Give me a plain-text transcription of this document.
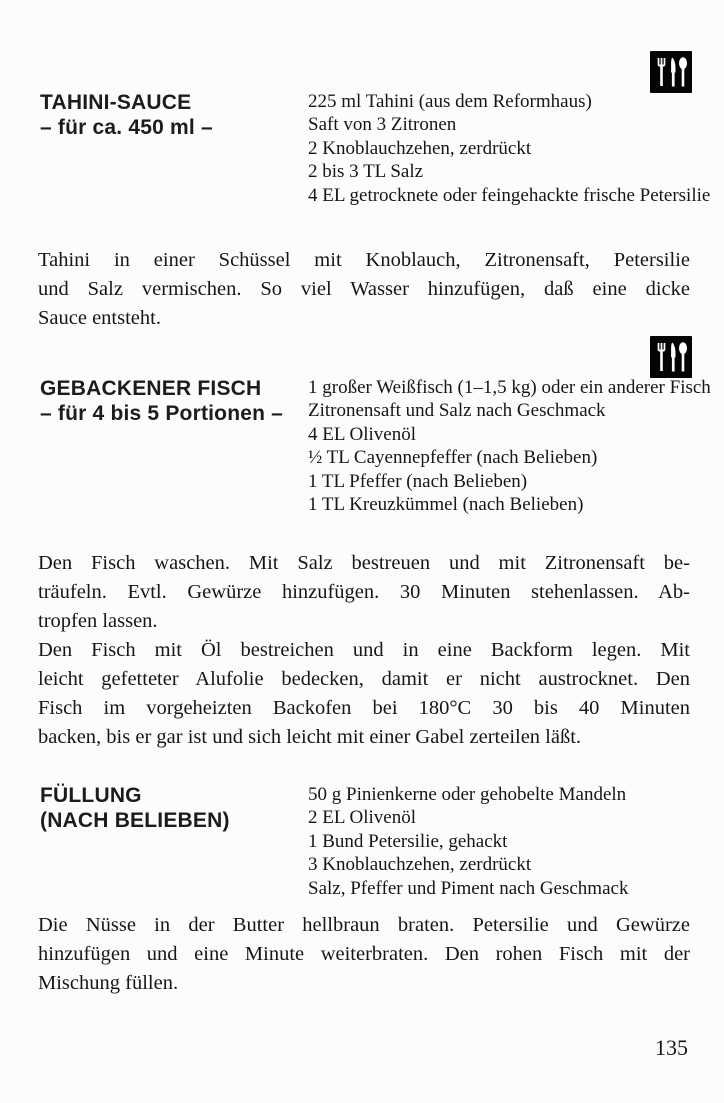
TAHINI-SAUCE
– für ca. 450 ml –
225 ml Tahini (aus dem Reformhaus)
Saft von 3 Zitronen
2 Knoblauchzehen, zerdrückt
2 bis 3 TL Salz
4 EL getrocknete oder feingehackte frische Petersilie
Tahini in einer Schüssel mit Knoblauch, Zitronensaft, Petersilie
und Salz vermischen. So viel Wasser hinzufügen, daß eine dicke
Sauce entsteht.
GEBACKENER FISCH
– für 4 bis 5 Portionen –
1 großer Weißfisch (1–1,5 kg) oder ein anderer Fisch
Zitronensaft und Salz nach Geschmack
4 EL Olivenöl
½ TL Cayennepfeffer (nach Belieben)
1 TL Pfeffer (nach Belieben)
1 TL Kreuzkümmel (nach Belieben)
Den Fisch waschen. Mit Salz bestreuen und mit Zitronensaft be-
träufeln. Evtl. Gewürze hinzufügen. 30 Minuten stehenlassen. Ab-
tropfen lassen.
Den Fisch mit Öl bestreichen und in eine Backform legen. Mit
leicht gefetteter Alufolie bedecken, damit er nicht austrocknet. Den
Fisch im vorgeheizten Backofen bei 180°C 30 bis 40 Minuten
backen, bis er gar ist und sich leicht mit einer Gabel zerteilen läßt.
FÜLLUNG
(NACH BELIEBEN)
50 g Pinienkerne oder gehobelte Mandeln
2 EL Olivenöl
1 Bund Petersilie, gehackt
3 Knoblauchzehen, zerdrückt
Salz, Pfeffer und Piment nach Geschmack
Die Nüsse in der Butter hellbraun braten. Petersilie und Gewürze
hinzufügen und eine Minute weiterbraten. Den rohen Fisch mit der
Mischung füllen.
135
